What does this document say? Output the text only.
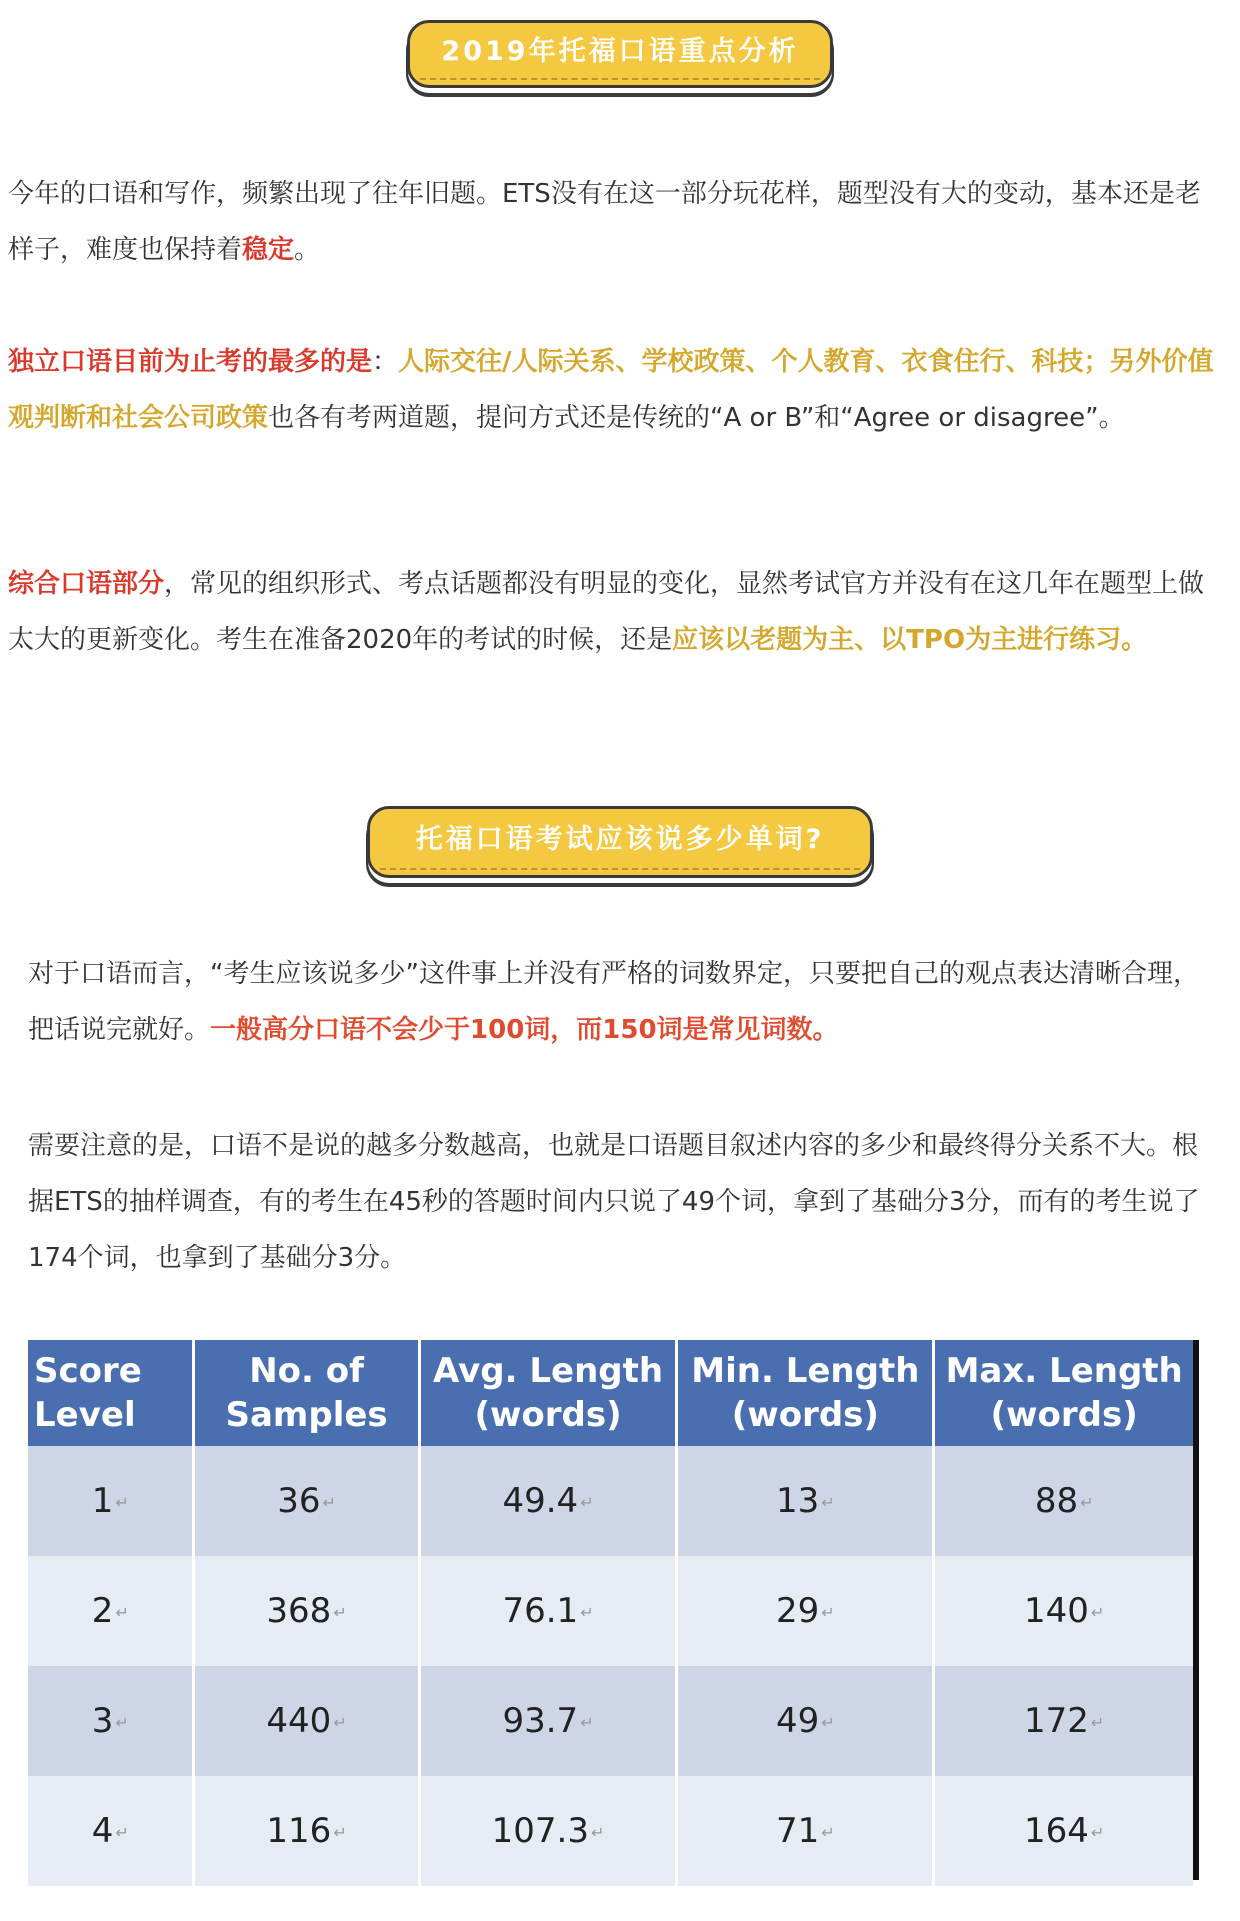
2019年托福口语重点分析

今年的口语和写作，频繁出现了往年旧题。ETS没有在这一部分玩花样，题型没有大的变动，基本还是老样子，难度也保持着稳定。

独立口语目前为止考的最多的是：人际交往/人际关系、学校政策、个人教育、衣食住行、科技；另外价值观判断和社会公司政策也各有考两道题，提问方式还是传统的“A or B”和“Agree or disagree”。

综合口语部分，常见的组织形式、考点话题都没有明显的变化，显然考试官方并没有在这几年在题型上做太大的更新变化。考生在准备2020年的考试的时候，还是应该以老题为主、以TPO为主进行练习。

托福口语考试应该说多少单词?

对于口语而言，“考生应该说多少”这件事上并没有严格的词数界定，只要把自己的观点表达清晰合理，把话说完就好。一般高分口语不会少于100词，而150词是常见词数。

需要注意的是，口语不是说的越多分数越高，也就是口语题目叙述内容的多少和最终得分关系不大。根据ETS的抽样调查，有的考生在45秒的答题时间内只说了49个词，拿到了基础分3分，而有的考生说了174个词，也拿到了基础分3分。

Score Level	No. of Samples	Avg. Length (words)	Min. Length (words)	Max. Length (words)
1 ↵	36 ↵	49.4 ↵	13 ↵	88 ↵
2 ↵	368 ↵	76.1 ↵	29 ↵	140 ↵
3 ↵	440 ↵	93.7 ↵	49 ↵	172 ↵
4 ↵	116 ↵	107.3 ↵	71 ↵	164 ↵
